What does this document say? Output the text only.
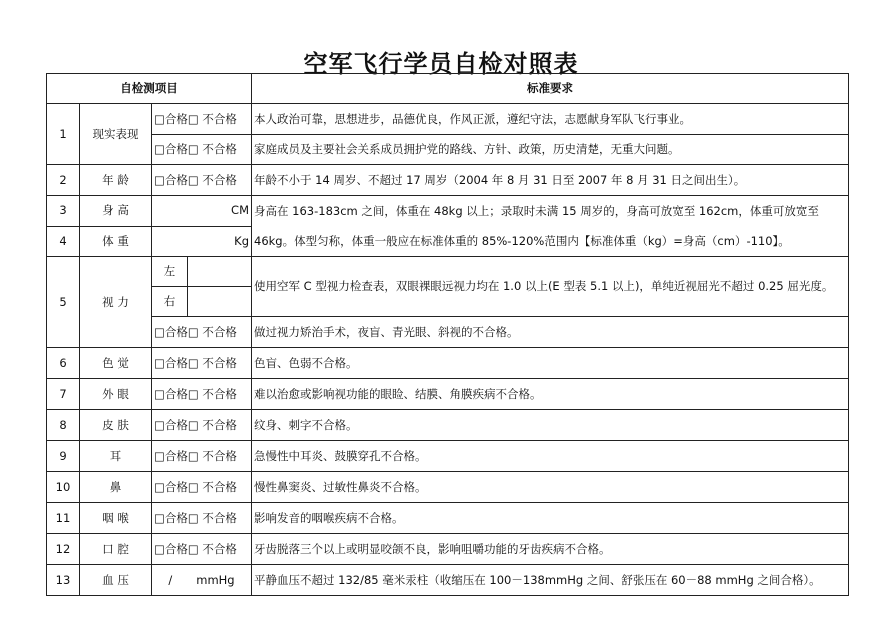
空军飞行学员自检对照表
自检测项目				标准要求
1	现实表现	□合格□ 不合格		本人政治可靠，思想进步，品德优良，作风正派，遵纪守法，志愿献身军队飞行事业。
		□合格□ 不合格		家庭成员及主要社会关系成员拥护党的路线、方针、政策，历史清楚，无重大问题。
2	年 龄	□合格□ 不合格		年龄不小于 14 周岁、不超过 17 周岁（2004 年 8 月 31 日至 2007 年 8 月 31 日之间出生）。
3	身 高	CM		身高在 163-183cm 之间，体重在 48kg 以上；录取时未满 15 周岁的，身高可放宽至 162cm，体重可放宽至 46kg。体型匀称，体重一般应在标准体重的 85%-120%范围内【标准体重（kg）=身高（cm）-110】。
4	体 重	Kg		
5	视 力	左		使用空军 C 型视力检查表，双眼裸眼远视力均在 1.0 以上(E 型表 5.1 以上)，单纯近视屈光不超过 0.25 屈光度。
		右		
		□合格□ 不合格		做过视力矫治手术，夜盲、青光眼、斜视的不合格。
6	色 觉	□合格□ 不合格		色盲、色弱不合格。
7	外 眼	□合格□ 不合格		难以治愈或影响视功能的眼睑、结膜、角膜疾病不合格。
8	皮 肤	□合格□ 不合格		纹身、刺字不合格。
9	耳	□合格□ 不合格		急慢性中耳炎、鼓膜穿孔不合格。
10	鼻	□合格□ 不合格		慢性鼻窦炎、过敏性鼻炎不合格。
11	咽 喉	□合格□ 不合格		影响发音的咽喉疾病不合格。
12	口 腔	□合格□ 不合格		牙齿脱落三个以上或明显咬颌不良，影响咀嚼功能的牙齿疾病不合格。
13	血 压	/ mmHg		平静血压不超过 132/85 毫米汞柱（收缩压在 100－138mmHg 之间、舒张压在 60－88 mmHg 之间合格）。
